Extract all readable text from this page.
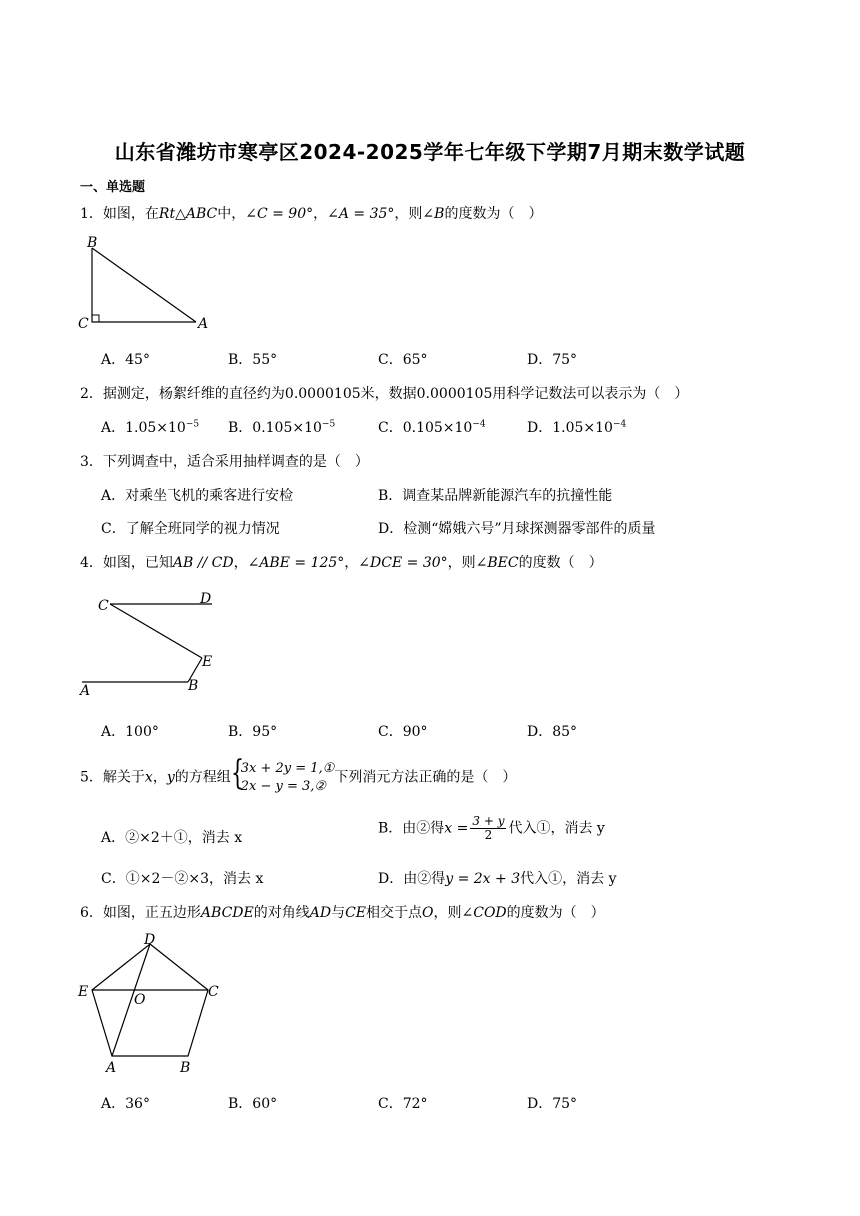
山东省潍坊市寒亭区2024-2025学年七年级下学期7月期末数学试题
一、单选题
1．如图，在Rt△ABC中，∠C = 90°，∠A = 35°，则∠B的度数为（　）
B
C	A
A．45°	B．55°	C．65°	D．75°
2．据测定，杨絮纤维的直径约为0.0000105米，数据0.0000105用科学记数法可以表示为（　）
A．$1.05\times 10^{-5}$ B．$0.105\times 10^{-5}$	C．$0.105\times 10^{-4}$	D．$1.05\times 10^{-4}$
3．下列调查中，适合采用抽样调查的是（　）
A．对乘坐飞机的乘客进行安检	B．调查某品牌新能源汽车的抗撞性能
C．了解全班同学的视力情况	D．检测“嫦娥六号”月球探测器零部件的质量
4．如图，已知AB // CD，∠ABE = 125°，∠DCE = 30°，则∠BEC的度数（　）
C	D
E
A	B
A．100°	B．95°	C．90°	D．85°
5．解关于x，y的方程组 {
3x + 2y = 1,①
2x − y = 3,②
下列消元方法正确的是（　）
A．②×2＋①，消去 x
B．由②得$x = \frac{3 + y}{2}$ 代入①，消去 y
C．①×2－②×3，消去 x	D．由②得y = 2x + 3代入①，消去 y
6．如图，正五边形ABCDE的对角线AD与CE相交于点O，则∠COD的度数为（　）
D
E	O	C
A	B
A．36°	B．60°	C．72°	D．75°
